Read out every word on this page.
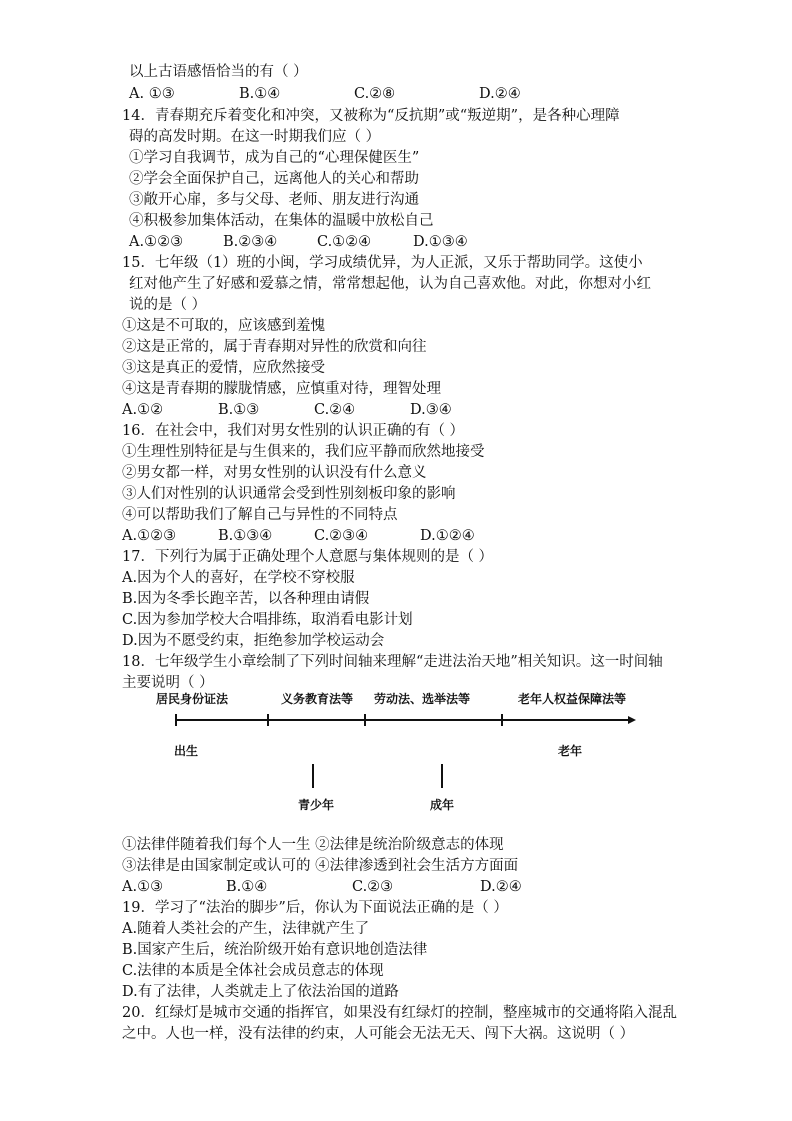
以上古语感悟恰当的有（ ）
A. ①③	B.①④	C.②⑧	D.②④
14．青春期充斥着变化和冲突，又被称为“反抗期”或“叛逆期”，是各种心理障
碍的高发时期。在这一时期我们应（ ）
①学习自我调节，成为自己的“心理保健医生”
②学会全面保护自己，远离他人的关心和帮助
③敞开心扉，多与父母、老师、朋友进行沟通
④积极参加集体活动，在集体的温暖中放松自己
A.①②③	B.②③④	C.①②④	D.①③④
15．七年级（1）班的小闽，学习成绩优异，为人正派，又乐于帮助同学。这使小
红对他产生了好感和爱慕之情，常常想起他，认为自己喜欢他。对此，你想对小红
说的是（ ）
①这是不可取的，应该感到羞愧
②这是正常的，属于青春期对异性的欣赏和向往
③这是真正的爱情，应欣然接受
④这是青春期的朦胧情感，应慎重对待，理智处理
A.①②	B.①③	C.②④	D.③④
16．在社会中，我们对男女性别的认识正确的有（ ）
①生理性别特征是与生俱来的，我们应平静而欣然地接受
②男女都一样，对男女性别的认识没有什么意义
③人们对性别的认识通常会受到性别刻板印象的影响
④可以帮助我们了解自己与异性的不同特点
A.①②③	B.①③④	C.②③④	D.①②④
17．下列行为属于正确处理个人意愿与集体规则的是（ ）
A.因为个人的喜好，在学校不穿校服
B.因为冬季长跑辛苦，以各种理由请假
C.因为参加学校大合唱排练，取消看电影计划
D.因为不愿受约束，拒绝参加学校运动会
18．七年级学生小章绘制了下列时间轴来理解“走进法治天地”相关知识。这一时间轴
主要说明（ ）
居民身份证法	义务教育法等 劳动法、选举法等	老年人权益保障法等
出生	老年
青少年	成年
①法律伴随着我们每个人一生 ②法律是统治阶级意志的体现
③法律是由国家制定或认可的 ④法律渗透到社会生活方方面面
A.①③	B.①④	C.②③	D.②④
19．学习了“法治的脚步”后，你认为下面说法正确的是（ ）
A.随着人类社会的产生，法律就产生了
B.国家产生后，统治阶级开始有意识地创造法律
C.法律的本质是全体社会成员意志的体现
D.有了法律，人类就走上了依法治国的道路
20．红绿灯是城市交通的指挥官，如果没有红绿灯的控制，整座城市的交通将陷入混乱
之中。人也一样，没有法律的约束，人可能会无法无天、闯下大祸。这说明（ ）
